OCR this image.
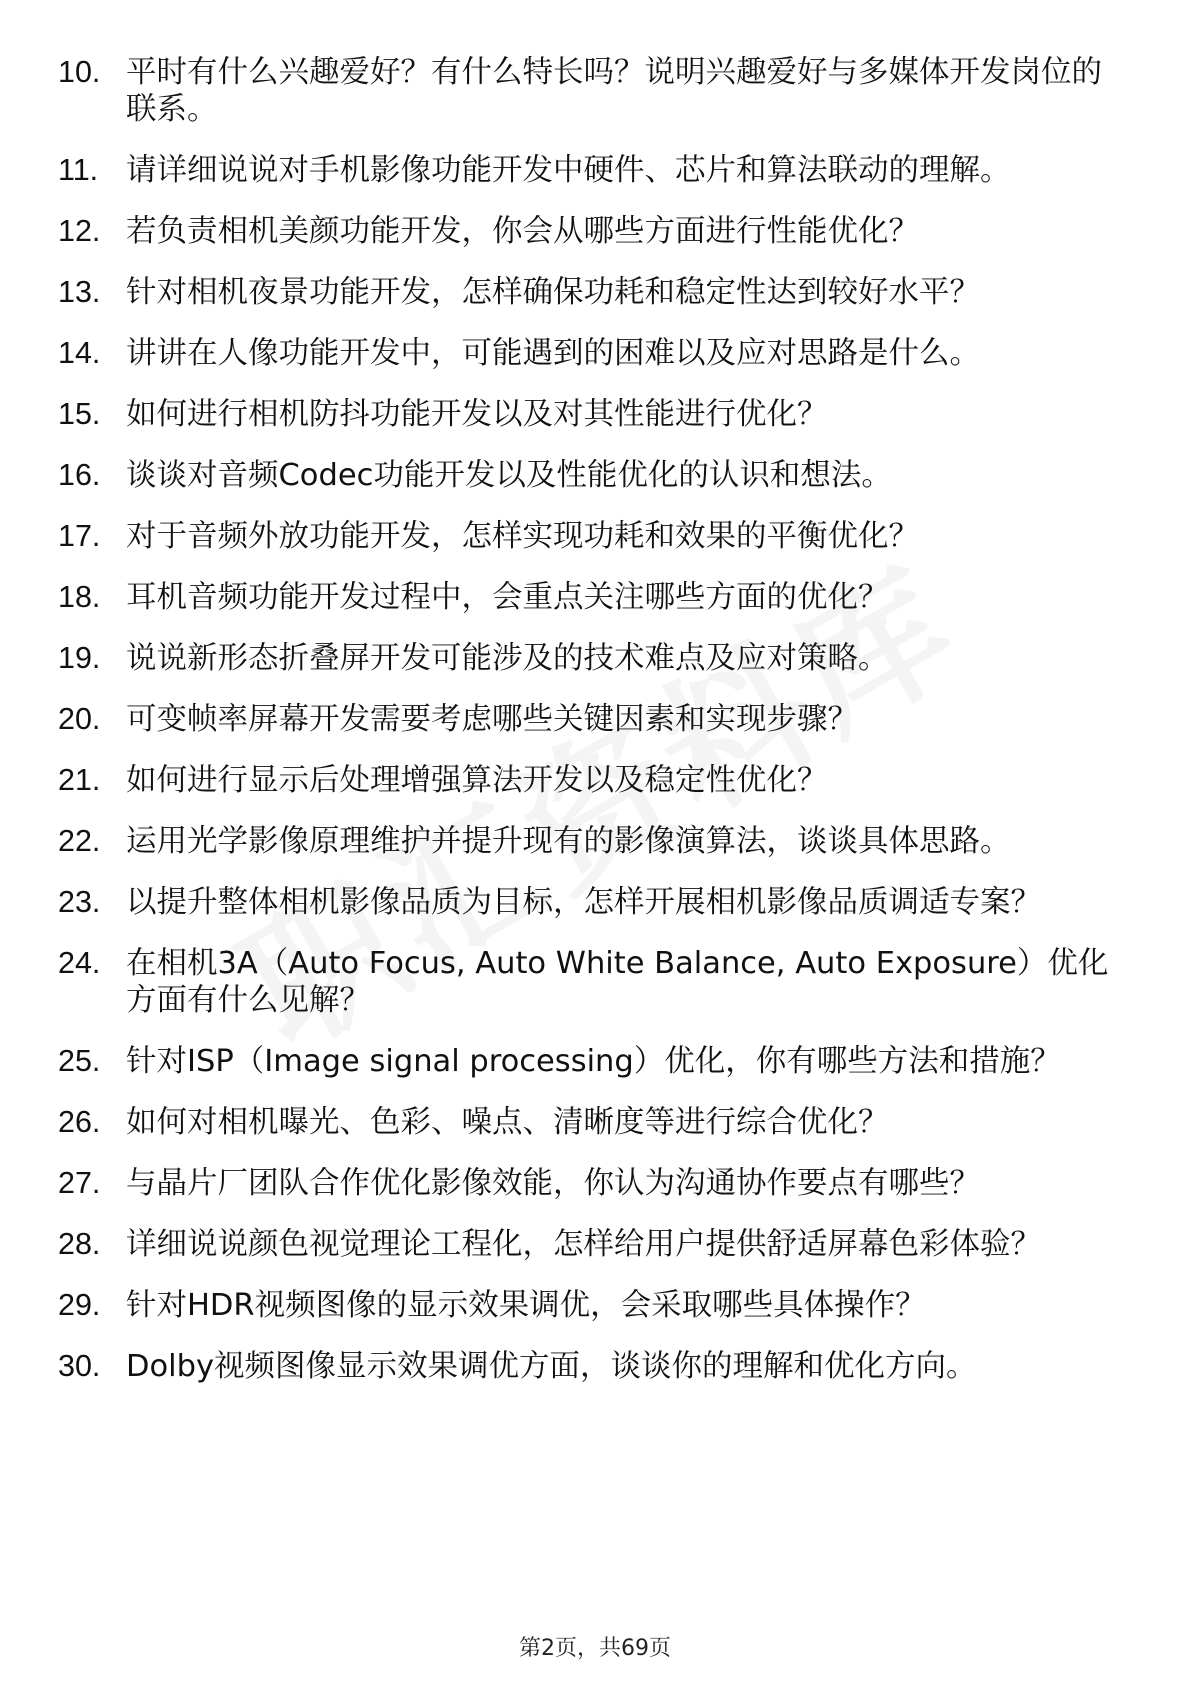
10. 平时有什么兴趣爱好？有什么特长吗？说明兴趣爱好与多媒体开发岗位的联系。
11. 请详细说说对手机影像功能开发中硬件、芯片和算法联动的理解。
12. 若负责相机美颜功能开发，你会从哪些方面进行性能优化？
13. 针对相机夜景功能开发，怎样确保功耗和稳定性达到较好水平？
14. 讲讲在人像功能开发中，可能遇到的困难以及应对思路是什么。
15. 如何进行相机防抖功能开发以及对其性能进行优化？
16. 谈谈对音频Codec功能开发以及性能优化的认识和想法。
17. 对于音频外放功能开发，怎样实现功耗和效果的平衡优化？
18. 耳机音频功能开发过程中，会重点关注哪些方面的优化？
19. 说说新形态折叠屏开发可能涉及的技术难点及应对策略。
20. 可变帧率屏幕开发需要考虑哪些关键因素和实现步骤？
21. 如何进行显示后处理增强算法开发以及稳定性优化？
22. 运用光学影像原理维护并提升现有的影像演算法，谈谈具体思路。
23. 以提升整体相机影像品质为目标，怎样开展相机影像品质调适专案？
24. 在相机3A（Auto Focus, Auto White Balance, Auto Exposure）优化方面有什么见解？
25. 针对ISP（Image signal processing）优化，你有哪些方法和措施？
26. 如何对相机曝光、色彩、噪点、清晰度等进行综合优化？
27. 与晶片厂团队合作优化影像效能，你认为沟通协作要点有哪些？
28. 详细说说颜色视觉理论工程化，怎样给用户提供舒适屏幕色彩体验？
29. 针对HDR视频图像的显示效果调优，会采取哪些具体操作？
30. Dolby视频图像显示效果调优方面，谈谈你的理解和优化方向。
第2页，共69页
